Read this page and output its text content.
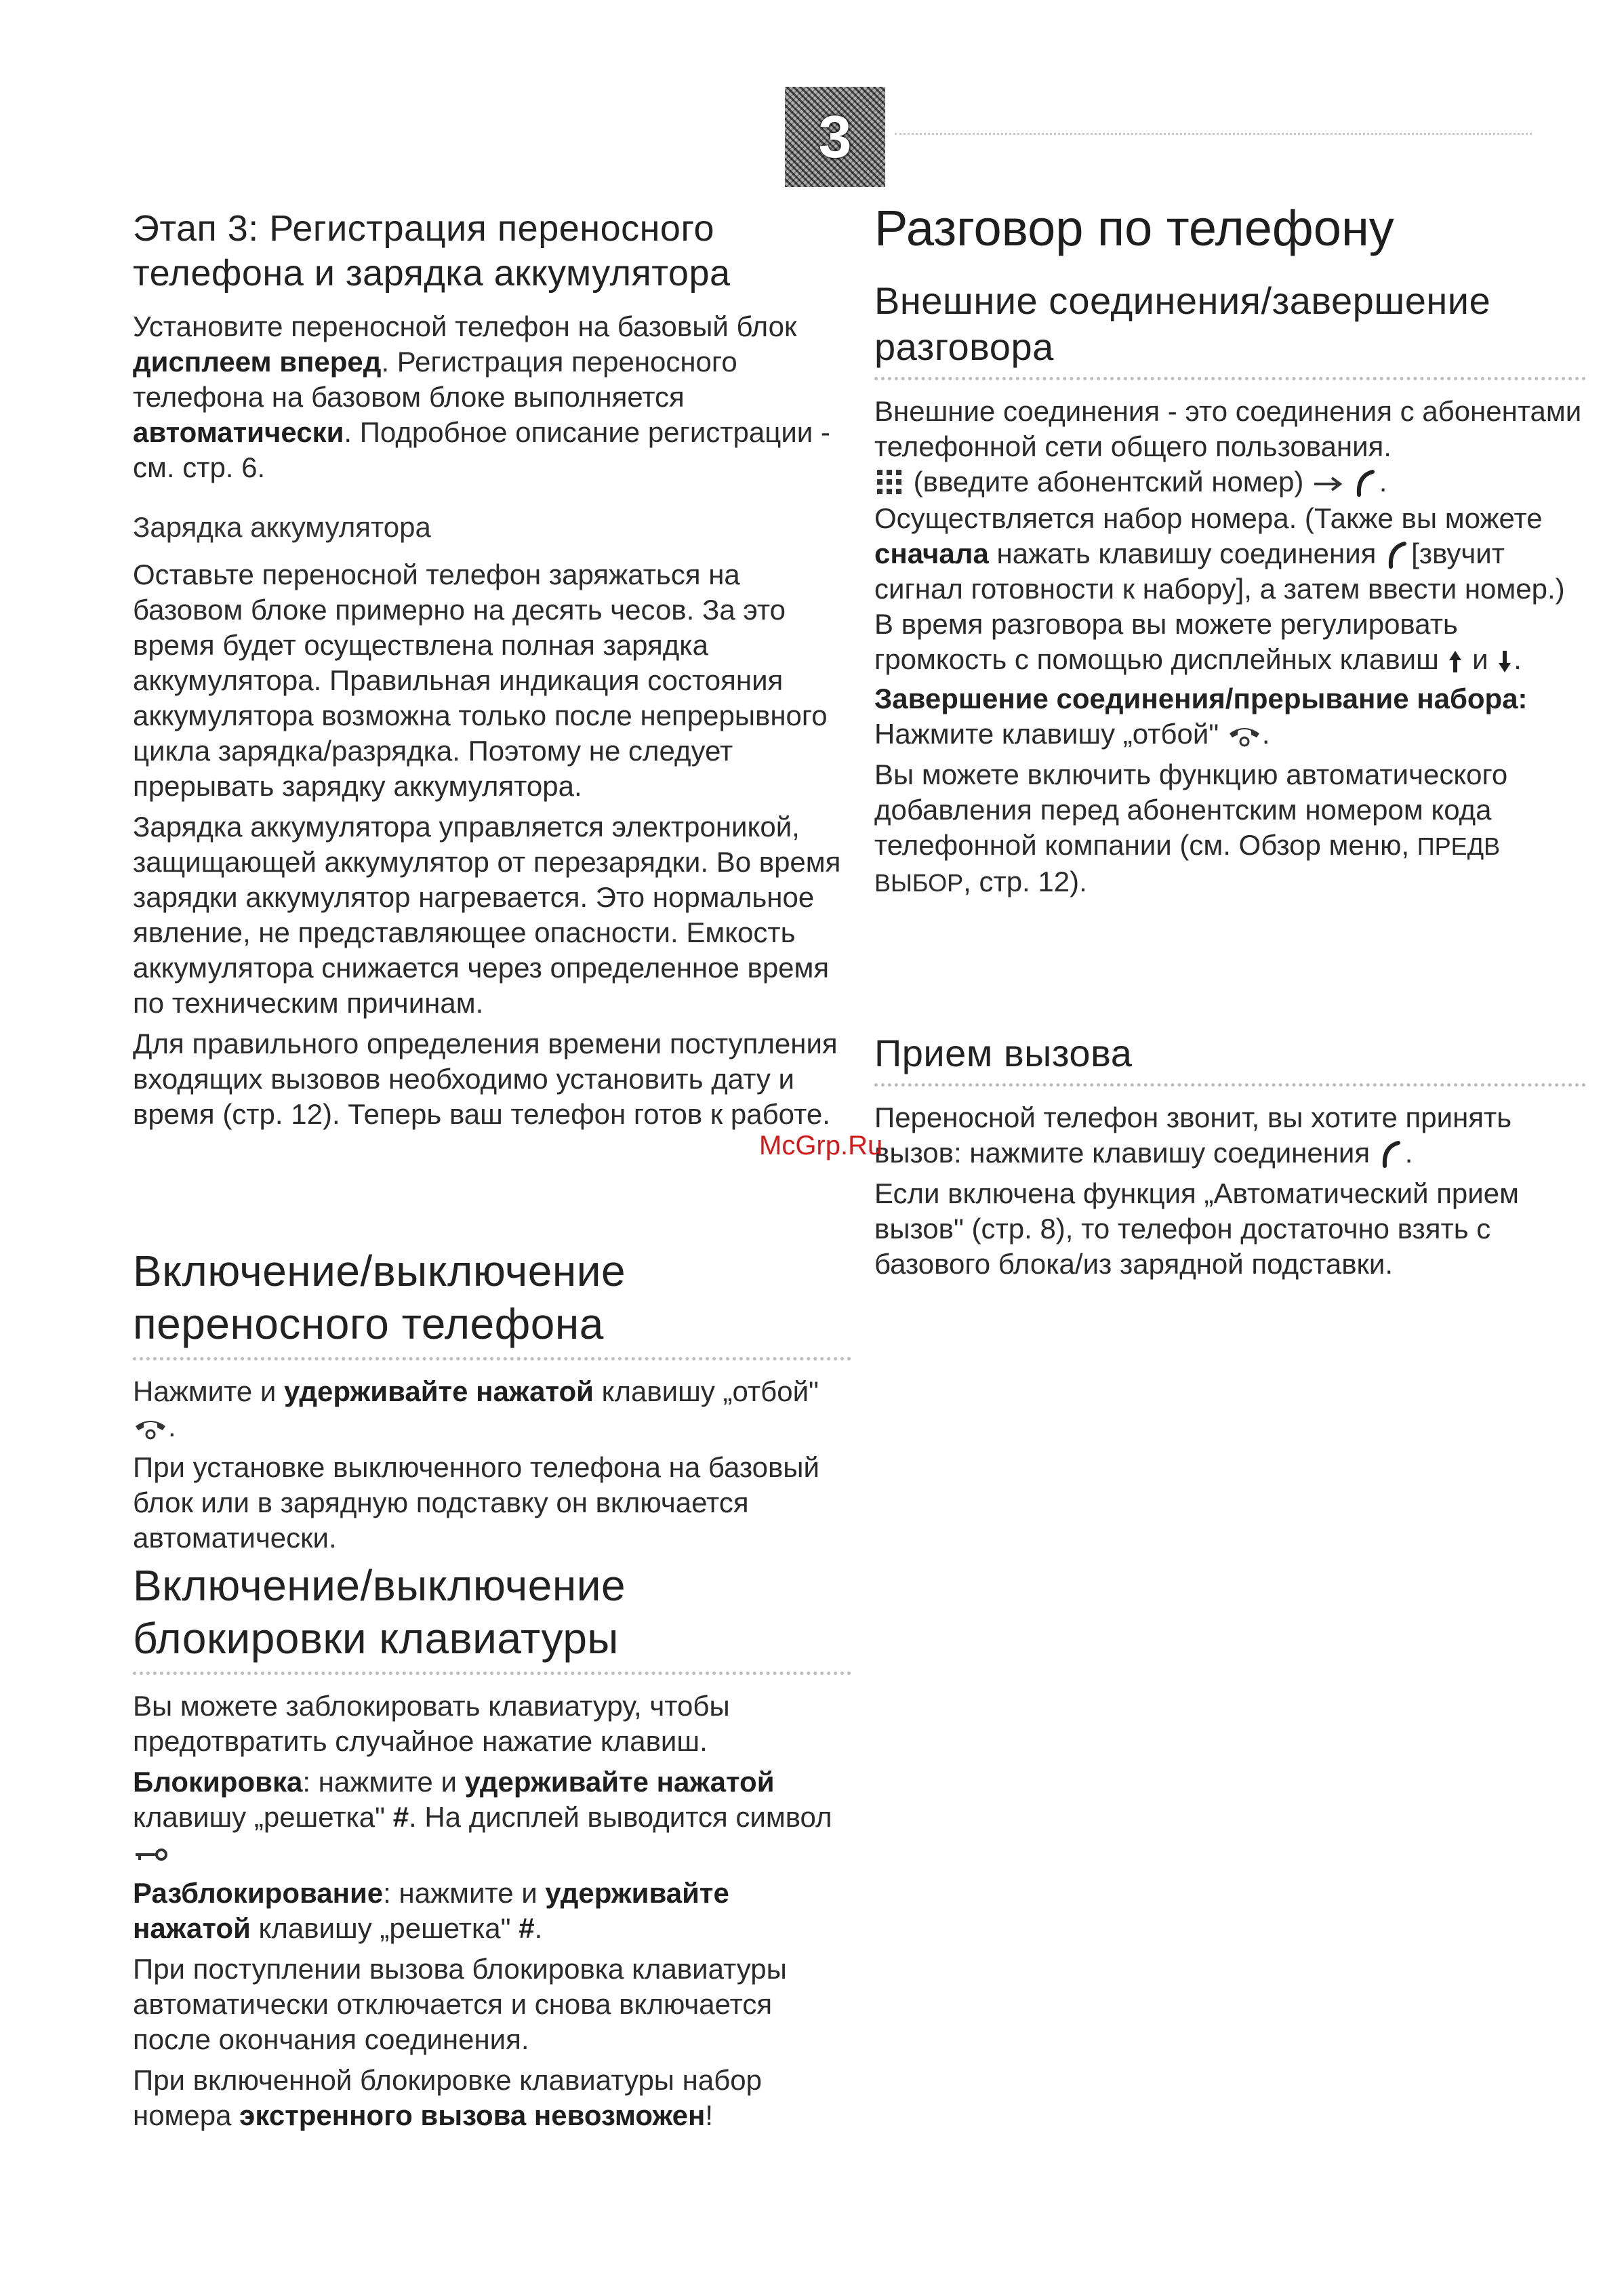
3
Этап 3: Регистрация переносного телефона и зарядка аккумулятора

Установите переносной телефон на базовый блок дисплеем вперед. Регистрация переносного телефона на базовом блоке выполняется автоматически. Подробное описание регистрации - см. стр. 6.

Зарядка аккумулятора

Оставьте переносной телефон заряжаться на базовом блоке примерно на десять чесов. За это время будет осуществлена полная зарядка аккумулятора. Правильная индикация состояния аккумулятора возможна только после непрерывного цикла зарядка/разрядка. Поэтому не следует прерывать зарядку аккумулятора.

Зарядка аккумулятора управляется электроникой, защищающей аккумулятор от перезарядки. Во время зарядки аккумулятор нагревается. Это нормальное явление, не представляющее опасности. Емкость аккумулятора снижается через определенное время по техническим причинам.

Для правильного определения времени поступления входящих вызовов необходимо установить дату и время (стр. 12). Теперь ваш телефон готов к работе.

Включение/выключение переносного телефона

Нажмите и удерживайте нажатой клавишу „отбой" .

При установке выключенного телефона на базовый блок или в зарядную подставку он включается автоматически.

Включение/выключение блокировки клавиатуры

Вы можете заблокировать клавиатуру, чтобы предотвратить случайное нажатие клавиш.

Блокировка: нажмите и удерживайте нажатой клавишу „решетка" #. На дисплей выводится символ

Разблокирование: нажмите и удерживайте нажатой клавишу „решетка" #.

При поступлении вызова блокировка клавиатуры автоматически отключается и снова включается после окончания соединения.

При включенной блокировке клавиатуры набор номера экстренного вызова невозможен!

Разговор по телефону
Внешние соединения/завершение разговора

Внешние соединения - это соединения с абонентами телефонной сети общего пользования.

(введите абонентский номер)	.

Осуществляется набор номера. (Также вы можете сначала нажать клавишу соединения [звучит сигнал готовности к набору], а затем ввести номер.) В время разговора вы можете регулировать громкость с помощью дисплейных клавиш и .

Завершение соединения/прерывание набора:

Нажмите клавишу „отбой" .

Вы можете включить функцию автоматического добавления перед абонентским номером кода телефонной компании (см. Обзор меню, ПРЕДВ ВЫБОР, стр. 12).

Прием вызова

Переносной телефон звонит, вы хотите принять вызов: нажмите клавишу соединения .

Если включена функция „Автоматический прием вызов" (стр. 8), то телефон достаточно взять с базового блока/из зарядной подставки.

McGrp.Ru
